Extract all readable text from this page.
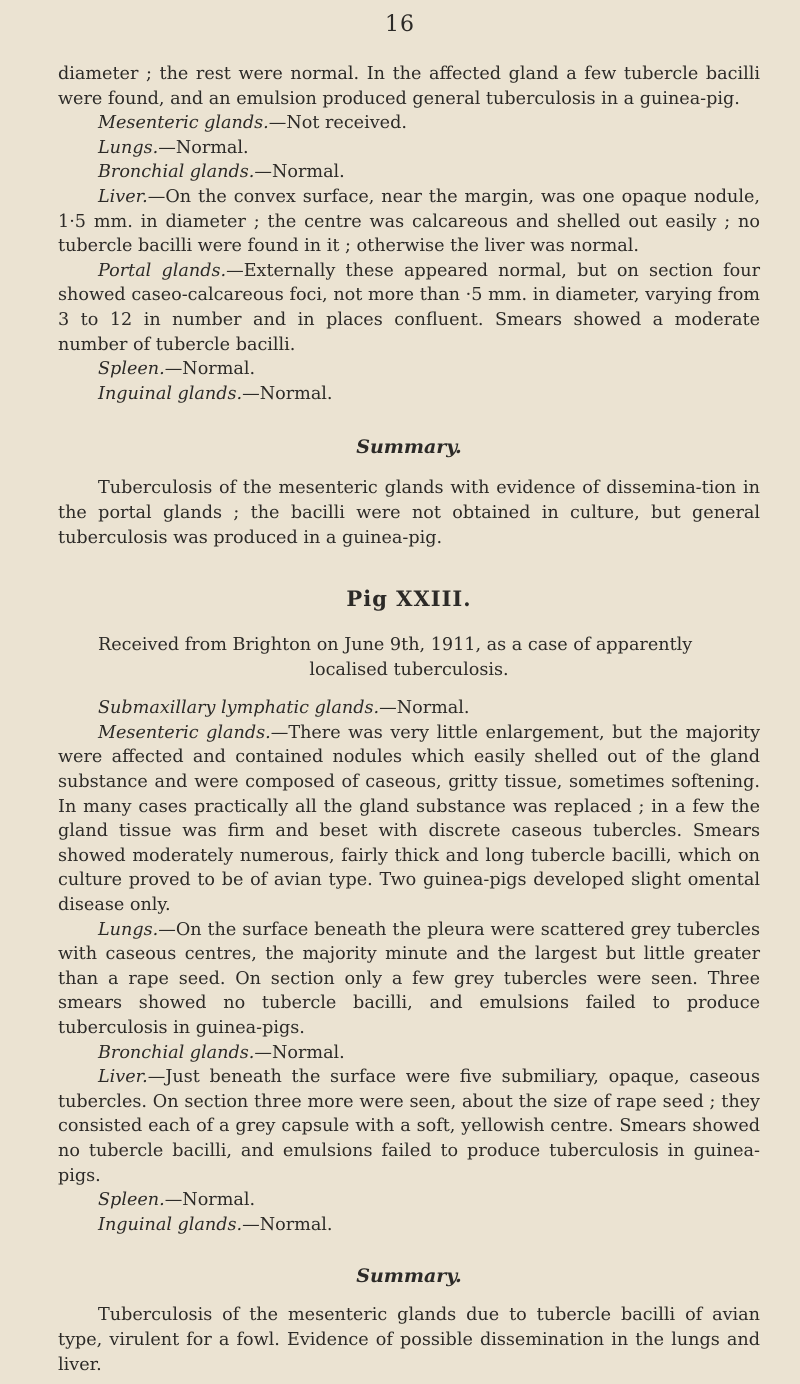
16

diameter ; the rest were normal. In the affected gland a few tubercle bacilli were found, and an emulsion produced general tuberculosis in a guinea-pig.

Mesenteric glands.—Not received.

Lungs.—Normal.

Bronchial glands.—Normal.

Liver.—On the convex surface, near the margin, was one opaque nodule, 1·5 mm. in diameter ; the centre was calcareous and shelled out easily ; no tubercle bacilli were found in it ; otherwise the liver was normal.

Portal glands.—Externally these appeared normal, but on section four showed caseo-calcareous foci, not more than ·5 mm. in diameter, varying from 3 to 12 in number and in places confluent. Smears showed a moderate number of tubercle bacilli.

Spleen.—Normal.

Inguinal glands.—Normal.

Summary.

Tuberculosis of the mesenteric glands with evidence of dissemina-tion in the portal glands ; the bacilli were not obtained in culture, but general tuberculosis was produced in a guinea-pig.

Pig XXIII.

Received from Brighton on June 9th, 1911, as a case of apparently
localised tuberculosis.

Submaxillary lymphatic glands.—Normal.

Mesenteric glands.—There was very little enlargement, but the majority were affected and contained nodules which easily shelled out of the gland substance and were composed of caseous, gritty tissue, sometimes softening. In many cases practically all the gland substance was replaced ; in a few the gland tissue was firm and beset with discrete caseous tubercles. Smears showed moderately numerous, fairly thick and long tubercle bacilli, which on culture proved to be of avian type. Two guinea-pigs developed slight omental disease only.

Lungs.—On the surface beneath the pleura were scattered grey tubercles with caseous centres, the majority minute and the largest but little greater than a rape seed. On section only a few grey tubercles were seen. Three smears showed no tubercle bacilli, and emulsions failed to produce tuberculosis in guinea-pigs.

Bronchial glands.—Normal.

Liver.—Just beneath the surface were five submiliary, opaque, caseous tubercles. On section three more were seen, about the size of rape seed ; they consisted each of a grey capsule with a soft, yellowish centre. Smears showed no tubercle bacilli, and emulsions failed to produce tuberculosis in guinea-pigs.

Spleen.—Normal.

Inguinal glands.—Normal.

Summary.

Tuberculosis of the mesenteric glands due to tubercle bacilli of avian type, virulent for a fowl. Evidence of possible dissemination in the lungs and liver.
